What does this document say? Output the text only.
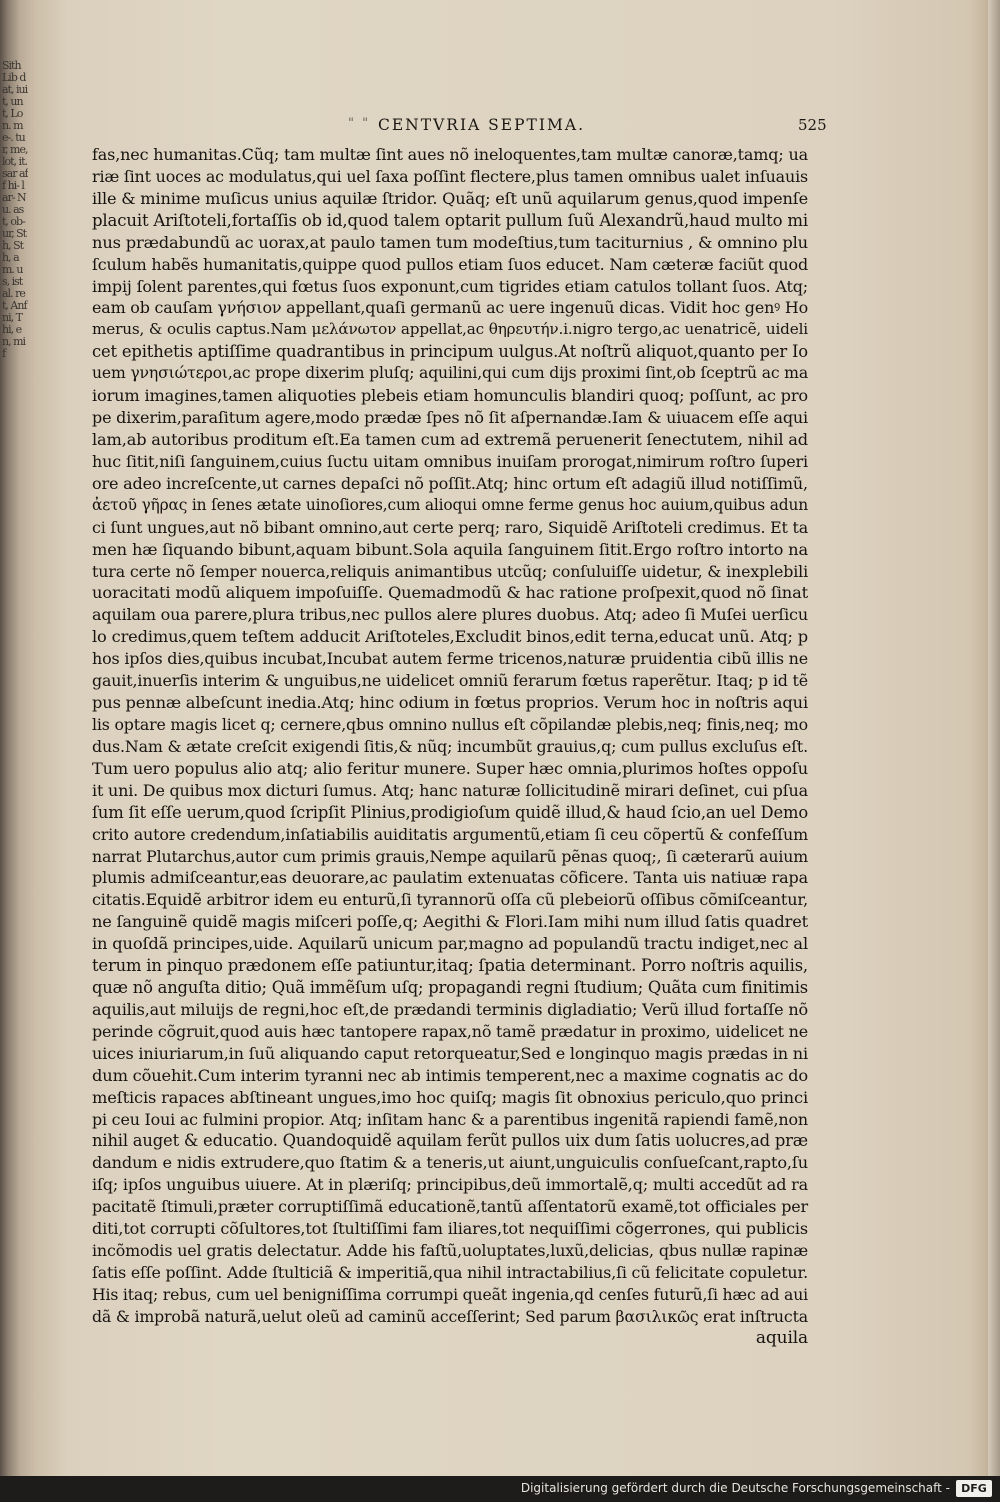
Sith Lib dat, iuit, unt, Lon. me-. tur, me, lot, it. sar aff hi- lar- Nu. ast, ob- ur, Sth, Sth, am. us, ist al. ret, Anf ni, Thi, en, mif
" " CENTVRIA SEPTIMA.	525
fas,nec humanitas.Cũq; tam multæ ſint aues nõ ineloquentes,tam multæ canoræ,tamq; ua
riæ ſint uoces ac modulatus,qui uel ſaxa poſſint flectere,plus tamen omnibus ualet inſuauis
ille & minime muſicus unius aquilæ ſtridor. Quãq; eſt unũ aquilarum genus,quod impenſe
placuit Ariſtoteli,fortaſſis ob id,quod talem optarit pullum ſuũ Alexandrũ,haud multo mi
nus prædabundũ ac uorax,at paulo tamen tum modeſtius,tum taciturnius , & omnino plu
ſculum habẽs humanitatis,quippe quod pullos etiam ſuos educet. Nam cæteræ faciũt quod
impij ſolent parentes,qui fœtus ſuos exponunt,cum tigrides etiam catulos tollant ſuos. Atq;
eam ob cauſam γνήσιον appellant,quaſi germanũ ac uere ingenuũ dicas. Vidit hoc genꝰ Ho
merus, & oculis captus.Nam μελάνωτον appellat,ac θηρευτήν.i.nigro tergo,ac uenatricẽ, uideli
cet epithetis aptiſſime quadrantibus in principum uulgus.At noſtrũ aliquot,quanto per Io
uem γνησιώτεροι,ac prope dixerim pluſq; aquilini,qui cum dijs proximi ſint,ob ſceptrũ ac ma
iorum imagines,tamen aliquoties plebeis etiam homunculis blandiri quoq; poſſunt, ac pro
pe dixerim,paraſitum agere,modo prædæ ſpes nõ ſit aſpernandæ.Iam & uiuacem eſſe aqui
lam,ab autoribus proditum eſt.Ea tamen cum ad extremã peruenerit ſenectutem, nihil ad
huc ſitit,niſi ſanguinem,cuius ſuctu uitam omnibus inuiſam prorogat,nimirum roſtro ſuperi
ore adeo increſcente,ut carnes depaſci nõ poſſit.Atq; hinc ortum eſt adagiũ illud notiſſimũ,
ἀετοῦ γῆρας in ſenes ætate uinoſiores,cum alioqui omne ferme genus hoc auium,quibus adun
ci ſunt ungues,aut nõ bibant omnino,aut certe perq; raro, Siquidẽ Ariſtoteli credimus. Et ta
men hæ ſiquando bibunt,aquam bibunt.Sola aquila ſanguinem ſitit.Ergo roſtro intorto na
tura certe nõ ſemper nouerca,reliquis animantibus utcũq; conſuluiſſe uidetur, & inexplebili
uoracitati modũ aliquem impoſuiſſe. Quemadmodũ & hac ratione proſpexit,quod nõ ſinat
aquilam oua parere,plura tribus,nec pullos alere plures duobus. Atq; adeo ſi Muſei uerſicu
lo credimus,quem teſtem adducit Ariſtoteles,Excludit binos,edit terna,educat unũ. Atq; p
hos ipſos dies,quibus incubat,Incubat autem ferme tricenos,naturæ pruidentia cibũ illis ne
gauit,inuerſis interim & unguibus,ne uidelicet omniũ ferarum fœtus raperẽtur. Itaq; p id tẽ
pus pennæ albeſcunt inedia.Atq; hinc odium in fœtus proprios. Verum hoc in noſtris aqui
lis optare magis licet q; cernere,qbus omnino nullus eſt cõpilandæ plebis,neq; finis,neq; mo
dus.Nam & ætate creſcit exigendi ſitis,& nũq; incumbũt grauius,q; cum pullus excluſus eſt.
Tum uero populus alio atq; alio feritur munere. Super hæc omnia,plurimos hoſtes oppoſu
it uni. De quibus mox dicturi ſumus. Atq; hanc naturæ ſollicitudinẽ mirari deſinet, cui pſua
ſum ſit eſſe uerum,quod ſcripſit Plinius,prodigioſum quidẽ illud,& haud ſcio,an uel Demo
crito autore credendum,inſatiabilis auiditatis argumentũ,etiam ſi ceu cõpertũ & confeſſum
narrat Plutarchus,autor cum primis grauis,Nempe aquilarũ pẽnas quoq;, ſi cæterarũ auium
plumis admiſceantur,eas deuorare,ac paulatim extenuatas cõficere. Tanta uis natiuæ rapa
citatis.Equidẽ arbitror idem eu enturũ,ſi tyrannorũ oſſa cũ plebeiorũ oſſibus cõmiſceantur,
ne ſanguinẽ quidẽ magis miſceri poſſe,q; Aegithi & Flori.Iam mihi num illud ſatis quadret
in quoſdã principes,uide. Aquilarũ unicum par,magno ad populandũ tractu indiget,nec al
terum in pinquo prædonem eſſe patiuntur,itaq; ſpatia determinant. Porro noſtris aquilis,
quæ nõ anguſta ditio; Quã immẽſum uſq; propagandi regni ſtudium; Quãta cum finitimis
aquilis,aut miluijs de regni,hoc eſt,de prædandi terminis digladiatio; Verũ illud fortaſſe nõ
perinde cõgruit,quod auis hæc tantopere rapax,nõ tamẽ prædatur in proximo, uidelicet ne
uices iniuriarum,in ſuũ aliquando caput retorqueatur,Sed e longinquo magis prædas in ni
dum cõuehit.Cum interim tyranni nec ab intimis temperent,nec a maxime cognatis ac do
meſticis rapaces abſtineant ungues,imo hoc quiſq; magis ſit obnoxius periculo,quo princi
pi ceu Ioui ac fulmini propior. Atq; inſitam hanc & a parentibus ingenitã rapiendi famẽ,non
nihil auget & educatio. Quandoquidẽ aquilam ferũt pullos uix dum ſatis uolucres,ad præ
dandum e nidis extrudere,quo ſtatim & a teneris,ut aiunt,unguiculis conſueſcant,rapto,ſu
iſq; ipſos unguibus uiuere. At in plæriſq; principibus,deũ immortalẽ,q; multi accedũt ad ra
pacitatẽ ſtimuli,præter corruptiſſimã educationẽ,tantũ aſſentatorũ examẽ,tot officiales per
diti,tot corrupti cõſultores,tot ſtultiſſimi fam iliares,tot nequiſſimi cõgerrones, qui publicis
incõmodis uel gratis delectatur. Adde his faſtũ,uoluptates,luxũ,delicias, qbus nullæ rapinæ
ſatis eſſe poſſint. Adde ſtulticiã & imperitiã,qua nihil intractabilius,ſi cũ felicitate copuletur.
His itaq; rebus, cum uel benigniſſima corrumpi queãt ingenia,qd cenſes futurũ,ſi hæc ad aui
dã & improbã naturã,uelut oleũ ad caminũ acceſſerint; Sed parum βασιλικῶς erat inſtructa
aquila
Digitalisierung gefördert durch die Deutsche Forschungsgemeinschaft -	DFG
